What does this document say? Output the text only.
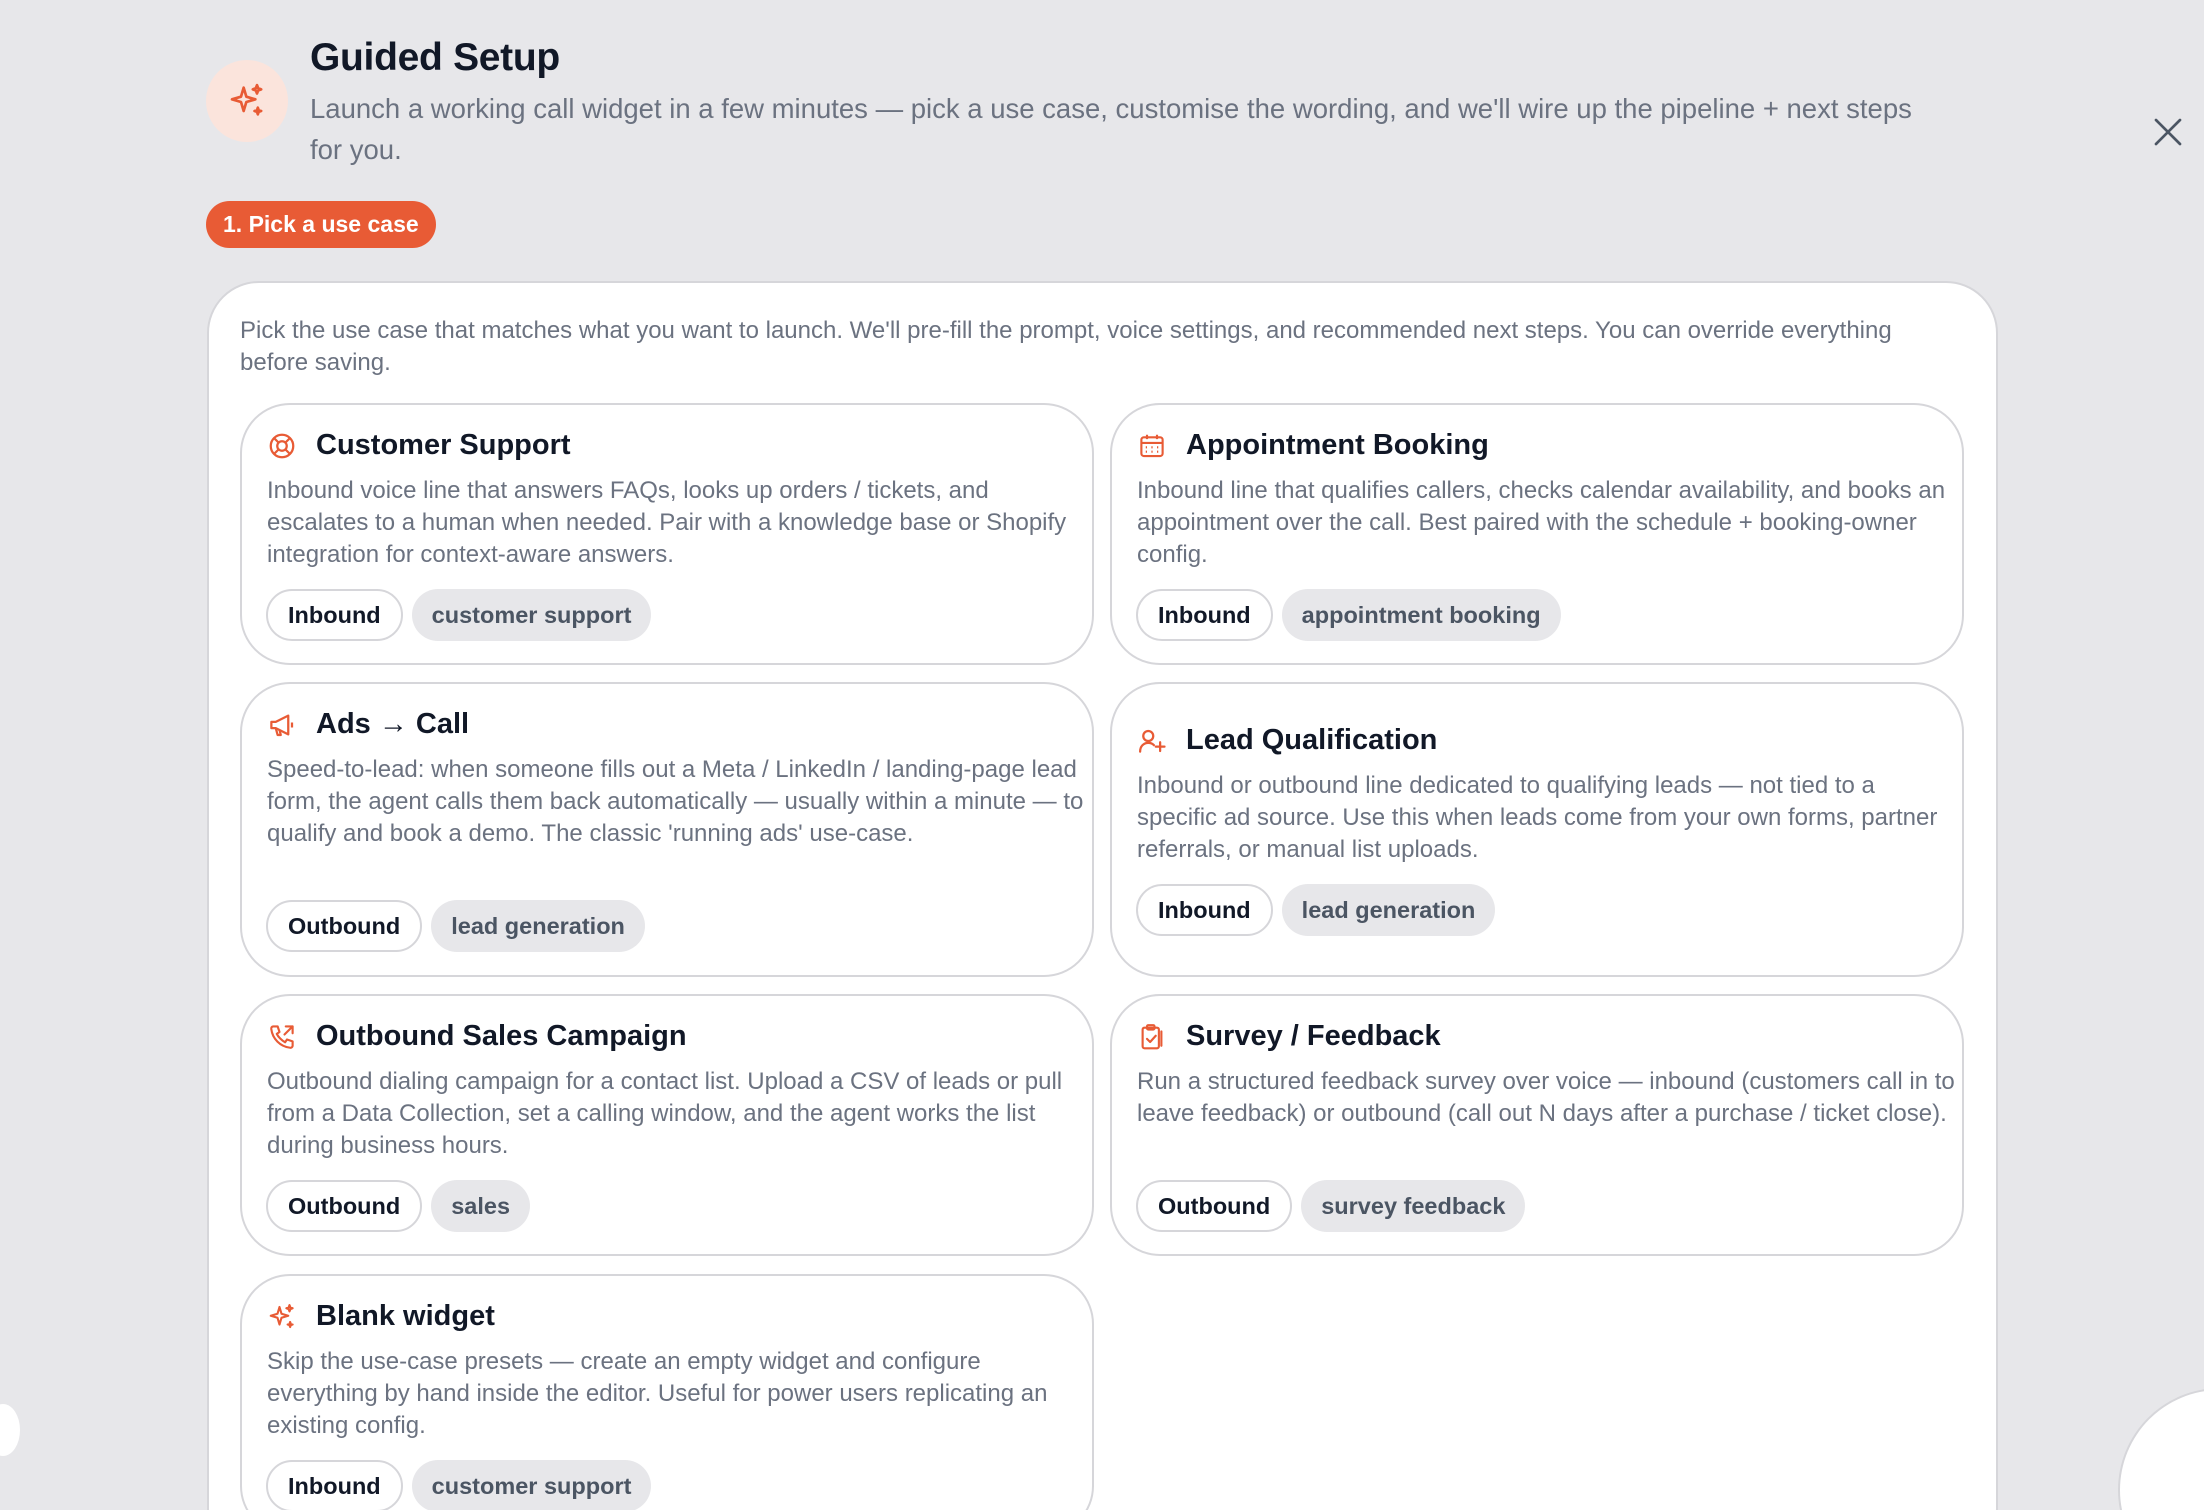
Guided Setup
Launch a working call widget in a few minutes — pick a use case, customise the wording, and we'll wire up the pipeline + next steps for you.
1. Pick a use case
Pick the use case that matches what you want to launch. We'll pre-fill the prompt, voice settings, and recommended next steps. You can override everything before saving.
Customer Support
Inbound voice line that answers FAQs, looks up orders / tickets, and escalates to a human when needed. Pair with a knowledge base or Shopify integration for context-aware answers.
Inbound	customer support
Appointment Booking
Inbound line that qualifies callers, checks calendar availability, and books an appointment over the call. Best paired with the schedule + booking-owner config.
Inbound	appointment booking
Ads → Call
Speed-to-lead: when someone fills out a Meta / LinkedIn / landing-page lead form, the agent calls them back automatically — usually within a minute — to qualify and book a demo. The classic 'running ads' use-case.
Outbound	lead generation
Lead Qualification
Inbound or outbound line dedicated to qualifying leads — not tied to a specific ad source. Use this when leads come from your own forms, partner referrals, or manual list uploads.
Inbound	lead generation
Outbound Sales Campaign
Outbound dialing campaign for a contact list. Upload a CSV of leads or pull from a Data Collection, set a calling window, and the agent works the list during business hours.
Outbound	sales
Survey / Feedback
Run a structured feedback survey over voice — inbound (customers call in to leave feedback) or outbound (call out N days after a purchase / ticket close).
Outbound	survey feedback
Blank widget
Skip the use-case presets — create an empty widget and configure everything by hand inside the editor. Useful for power users replicating an existing config.
Inbound	customer support
